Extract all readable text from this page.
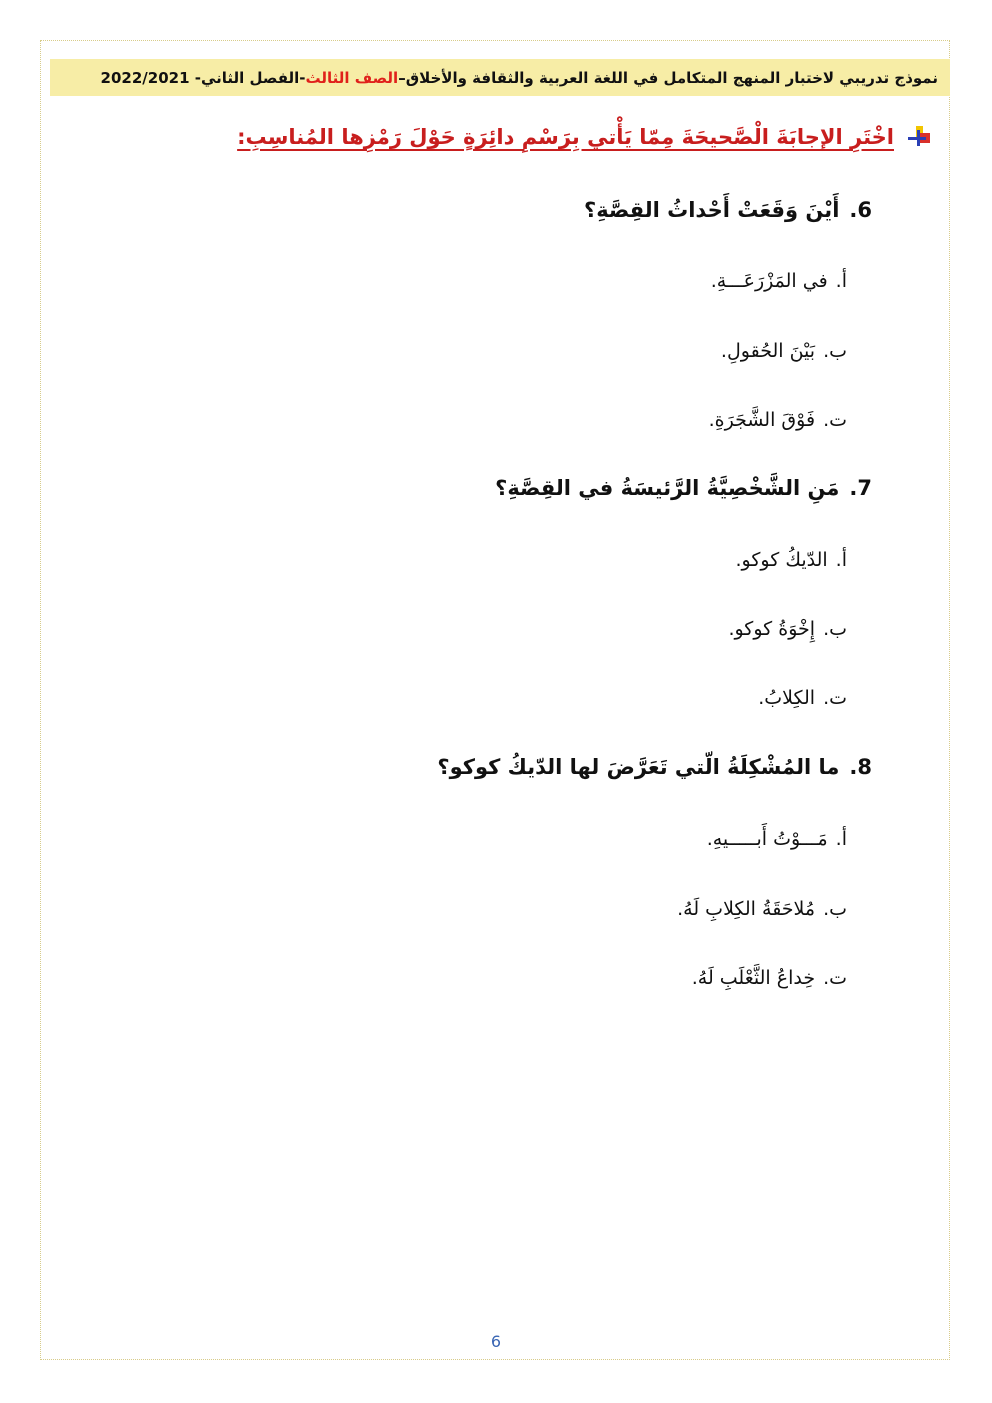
نموذج تدريبي لاختبار المنهج المتكامل في اللغة العربية والثقافة والأخلاق–
الصف الثالث
-الفصل الثاني- 2022/2021
اخْتَرِ الإجابَةَ الْصَّحيحَةَ مِمّا يَأْتي بِرَسْمِ دائِرَةٍ حَوْلَ رَمْزِها المُناسِبِ:
6.أَيْنَ وَقَعَتْ أَحْداثُ القِصَّةِ؟
أ.في المَزْرَعَـــةِ.
ب.بَيْنَ الحُقولِ.
ت.فَوْقَ الشَّجَرَةِ.
7.مَنِ الشَّخْصِيَّةُ الرَّئيسَةُ في القِصَّةِ؟
أ.الدّيكُ كوكو.
ب.إِخْوَةُ كوكو.
ت.الكِلابُ.
8.ما المُشْكِلَةُ الّتي تَعَرَّضَ لها الدّيكُ كوكو؟
أ.مَـــوْتُ أَبـــــيهِ.
ب.مُلاحَقَةُ الكِلابِ لَهُ.
ت.خِداعُ الثَّعْلَبِ لَهُ.
6
